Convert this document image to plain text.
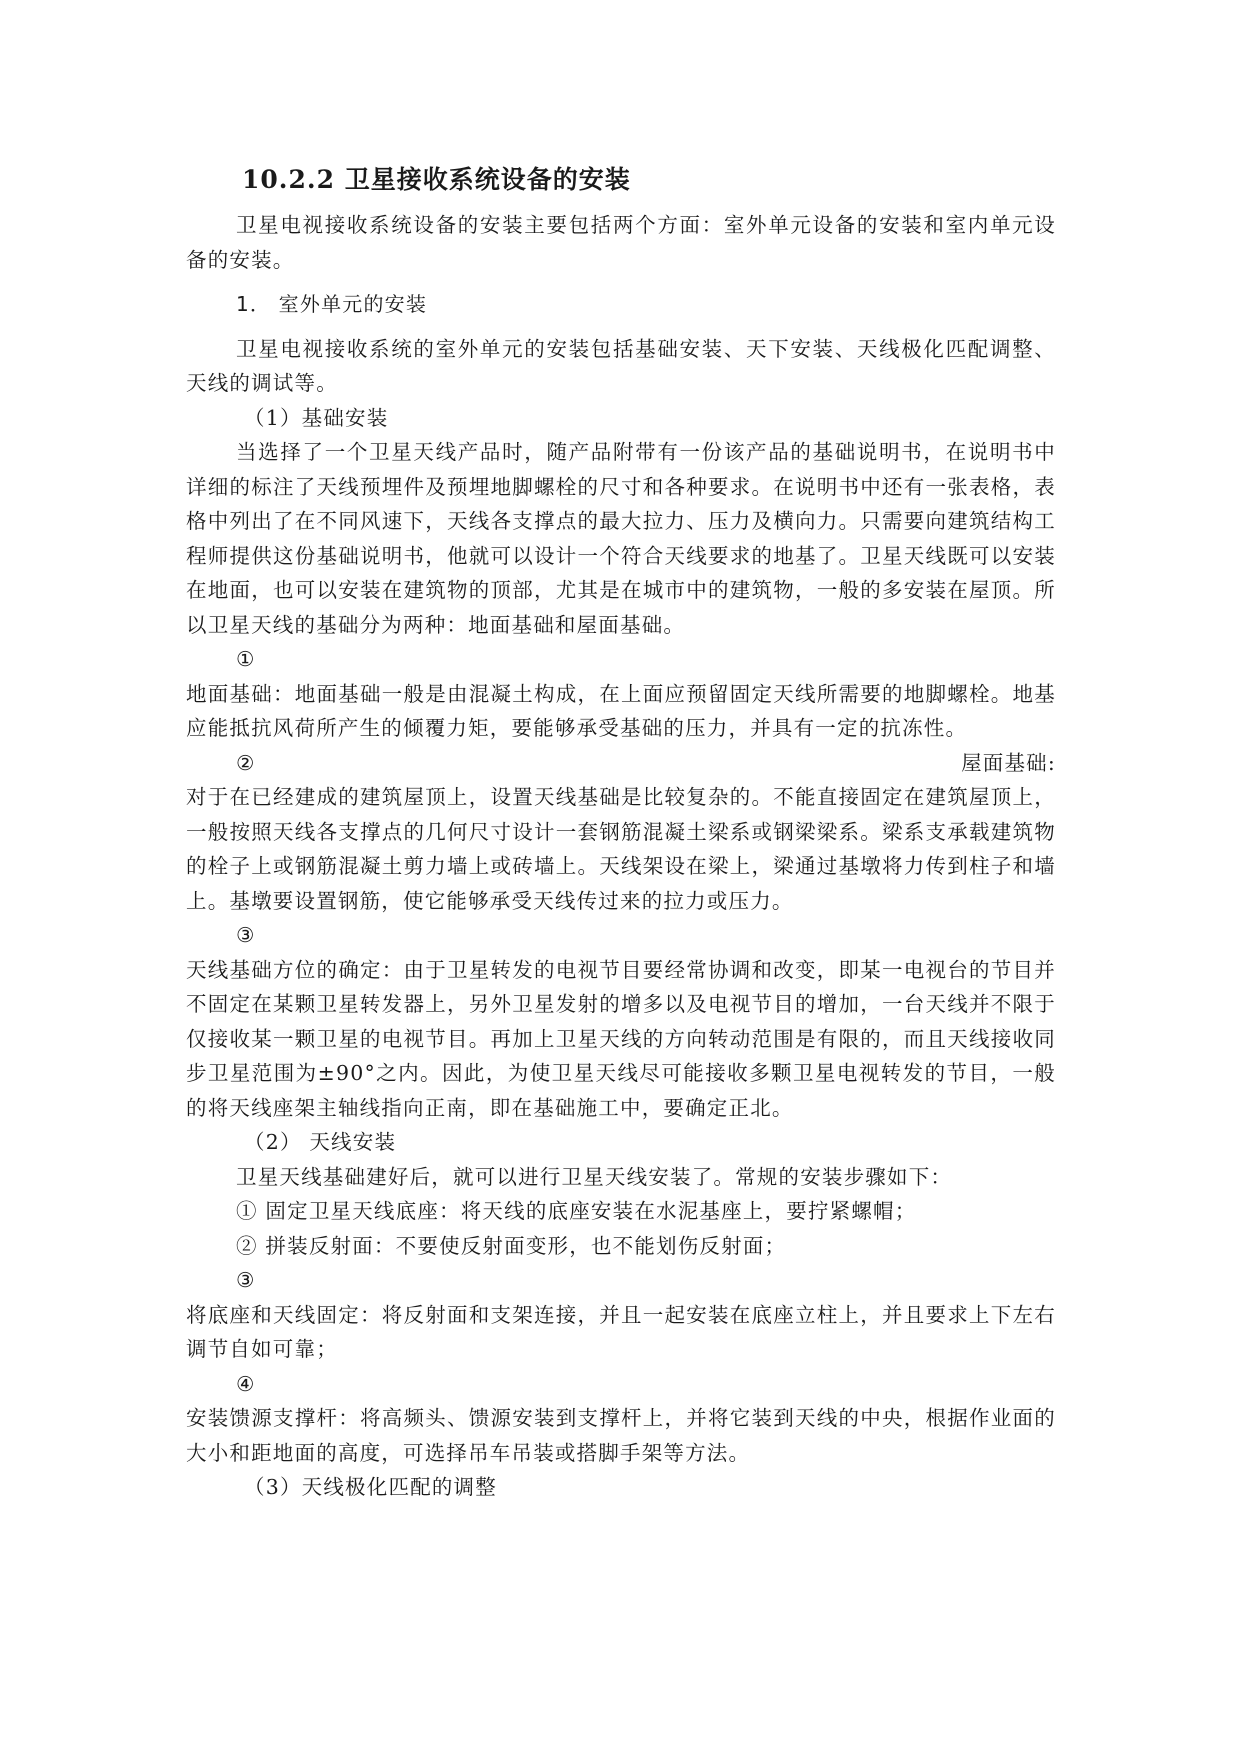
10.2.2 卫星接收系统设备的安装

卫星电视接收系统设备的安装主要包括两个方面：室外单元设备的安装和室内单元设备的安装。

1． 室外单元的安装

卫星电视接收系统的室外单元的安装包括基础安装、天下安装、天线极化匹配调整、天线的调试等。

（1）基础安装

当选择了一个卫星天线产品时，随产品附带有一份该产品的基础说明书，在说明书中详细的标注了天线预埋件及预埋地脚螺栓的尺寸和各种要求。在说明书中还有一张表格，表格中列出了在不同风速下，天线各支撑点的最大拉力、压力及横向力。只需要向建筑结构工程师提供这份基础说明书，他就可以设计一个符合天线要求的地基了。卫星天线既可以安装在地面，也可以安装在建筑物的顶部，尤其是在城市中的建筑物，一般的多安装在屋顶。所以卫星天线的基础分为两种：地面基础和屋面基础。

①

地面基础：地面基础一般是由混凝土构成，在上面应预留固定天线所需要的地脚螺栓。地基应能抵抗风荷所产生的倾覆力矩，要能够承受基础的压力，并具有一定的抗冻性。

②	屋面基础:

对于在已经建成的建筑屋顶上，设置天线基础是比较复杂的。不能直接固定在建筑屋顶上，一般按照天线各支撑点的几何尺寸设计一套钢筋混凝土梁系或钢梁梁系。梁系支承载建筑物的栓子上或钢筋混凝土剪力墙上或砖墙上。天线架设在梁上，梁通过基墩将力传到柱子和墙上。基墩要设置钢筋，使它能够承受天线传过来的拉力或压力。

③

天线基础方位的确定：由于卫星转发的电视节目要经常协调和改变，即某一电视台的节目并不固定在某颗卫星转发器上，另外卫星发射的增多以及电视节目的增加，一台天线并不限于仅接收某一颗卫星的电视节目。再加上卫星天线的方向转动范围是有限的，而且天线接收同步卫星范围为±90°之内。因此，为使卫星天线尽可能接收多颗卫星电视转发的节目，一般的将天线座架主轴线指向正南，即在基础施工中，要确定正北。

（2） 天线安装

卫星天线基础建好后，就可以进行卫星天线安装了。常规的安装步骤如下：

① 固定卫星天线底座：将天线的底座安装在水泥基座上，要拧紧螺帽；

② 拼装反射面：不要使反射面变形，也不能划伤反射面；

③

将底座和天线固定：将反射面和支架连接，并且一起安装在底座立柱上，并且要求上下左右调节自如可靠；

④

安装馈源支撑杆：将高频头、馈源安装到支撑杆上，并将它装到天线的中央，根据作业面的大小和距地面的高度，可选择吊车吊装或搭脚手架等方法。

（3）天线极化匹配的调整
